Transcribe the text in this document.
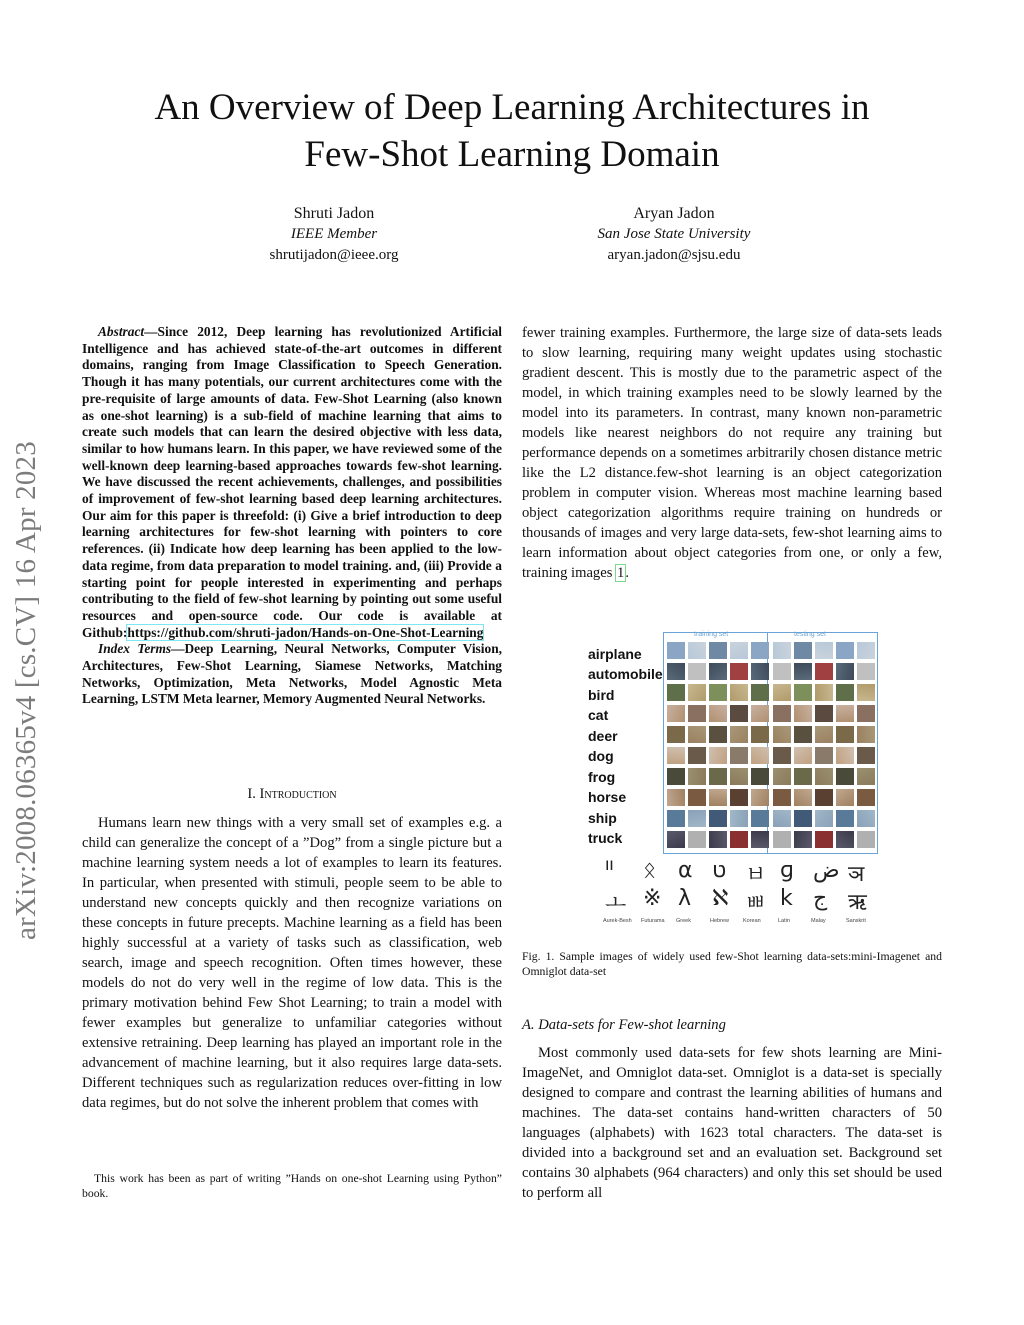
An Overview of Deep Learning Architectures in
Few-Shot Learning Domain
Shruti Jadon
IEEE Member
shrutijadon@ieee.org
Aryan Jadon
San Jose State University
aryan.jadon@sjsu.edu
arXiv:2008.06365v4 [cs.CV] 16 Apr 2023
Abstract—Since 2012, Deep learning has revolutionized Artificial Intelligence and has achieved state-of-the-art outcomes in different domains, ranging from Image Classification to Speech Generation. Though it has many potentials, our current architectures come with the pre-requisite of large amounts of data. Few-Shot Learning (also known as one-shot learning) is a sub-field of machine learning that aims to create such models that can learn the desired objective with less data, similar to how humans learn. In this paper, we have reviewed some of the well-known deep learning-based approaches towards few-shot learning. We have discussed the recent achievements, challenges, and possibilities of improvement of few-shot learning based deep learning architectures. Our aim for this paper is threefold: (i) Give a brief introduction to deep learning architectures for few-shot learning with pointers to core references. (ii) Indicate how deep learning has been applied to the low-data regime, from data preparation to model training. and, (iii) Provide a starting point for people interested in experimenting and perhaps contributing to the field of few-shot learning by pointing out some useful resources and open-source code. Our code is available at Github:https://github.com/shruti-jadon/Hands-on-One-Shot-Learning
Index Terms—Deep Learning, Neural Networks, Computer Vision, Architectures, Few-Shot Learning, Siamese Networks, Matching Networks, Optimization, Meta Networks, Model Agnostic Meta Learning, LSTM Meta learner, Memory Augmented Neural Networks.
I. Introduction

Humans learn new things with a very small set of examples e.g. a child can generalize the concept of a ”Dog” from a single picture but a machine learning system needs a lot of examples to learn its features. In particular, when presented with stimuli, people seem to be able to understand new concepts quickly and then recognize variations on these concepts in future precepts. Machine learning as a field has been highly successful at a variety of tasks such as classification, web search, image and speech recognition. Often times however, these models do not do very well in the regime of low data. This is the primary motivation behind Few Shot Learning; to train a model with fewer examples but generalize to unfamiliar categories without extensive retraining. Deep learning has played an important role in the advancement of machine learning, but it also requires large data-sets. Different techniques such as regularization reduces over-fitting in low data regimes, but do not solve the inherent problem that comes with

This work has been as part of writing ”Hands on one-shot Learning using Python” book.
fewer training examples. Furthermore, the large size of data-sets leads to slow learning, requiring many weight updates using stochastic gradient descent. This is mostly due to the parametric aspect of the model, in which training examples need to be slowly learned by the model into its parameters. In contrast, many known non-parametric models like nearest neighbors do not require any training but performance depends on a sometimes arbitrarily chosen distance metric like the L2 distance.few-shot learning is an object categorization problem in computer vision. Whereas most machine learning based object categorization algorithms require training on hundreds or thousands of images and very large data-sets, few-shot learning aims to learn information about object categories from one, or only a few, training images 1.
airplane
automobile
bird
cat
deer
dog
frog
horse
ship
truck
training set	testing set
ᑊᑊ ᛟ α ט ㅂ ɡ ض ञ
ㅗ ※ λ ℵ ㅃ k ج ऋ
Aurek-Besh Futurama Greek	Hebrew	Korean	Latin	Malay	Sanskrit
Fig. 1. Sample images of widely used few-Shot learning data-sets:mini-Imagenet and Omniglot data-set
A. Data-sets for Few-shot learning

Most commonly used data-sets for few shots learning are Mini-ImageNet, and Omniglot data-set. Omniglot is a data-set is specially designed to compare and contrast the learning abilities of humans and machines. The data-set contains hand-written characters of 50 languages (alphabets) with 1623 total characters. The data-set is divided into a background set and an evaluation set. Background set contains 30 alphabets (964 characters) and only this set should be used to perform all
